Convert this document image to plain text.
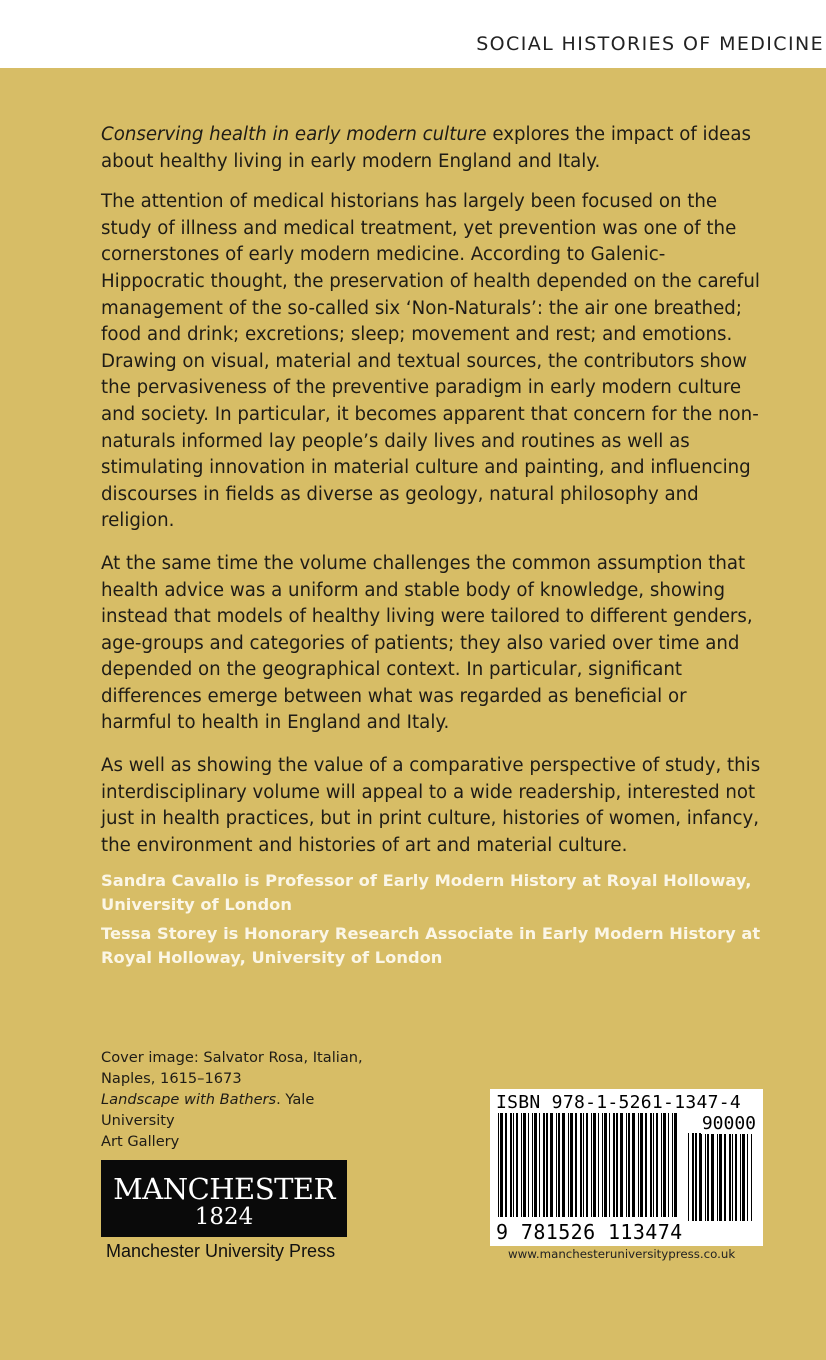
SOCIAL HISTORIES OF MEDICINE

Conserving health in early modern culture explores the impact of ideas about healthy living in early modern England and Italy.

The attention of medical historians has largely been focused on the study of illness and medical treatment, yet prevention was one of the cornerstones of early modern medicine. According to Galenic-Hippocratic thought, the preservation of health depended on the careful management of the so-called six ‘Non-Naturals’: the air one breathed; food and drink; excretions; sleep; movement and rest; and emotions. Drawing on visual, material and textual sources, the contributors show the pervasiveness of the preventive paradigm in early modern culture and society. In particular, it becomes apparent that concern for the non-naturals informed lay people’s daily lives and routines as well as stimulating innovation in material culture and painting, and influencing discourses in fields as diverse as geology, natural philosophy and religion.

At the same time the volume challenges the common assumption that health advice was a uniform and stable body of knowledge, showing instead that models of healthy living were tailored to different genders, age-groups and categories of patients; they also varied over time and depended on the geographical context. In particular, significant differences emerge between what was regarded as beneficial or harmful to health in England and Italy.

As well as showing the value of a comparative perspective of study, this interdisciplinary volume will appeal to a wide readership, interested not just in health practices, but in print culture, histories of women, infancy, the environment and histories of art and material culture.

Sandra Cavallo is Professor of Early Modern History at Royal Holloway, University of London
Tessa Storey is Honorary Research Associate in Early Modern History at Royal Holloway, University of London
Cover image: Salvator Rosa, Italian,
Naples, 1615–1673
Landscape with Bathers. Yale University
Art Gallery
MANCHESTER
1824
Manchester University Press
ISBN 978-1-5261-1347-4
90000
9 781526 113474
www.manchesteruniversitypress.co.uk
